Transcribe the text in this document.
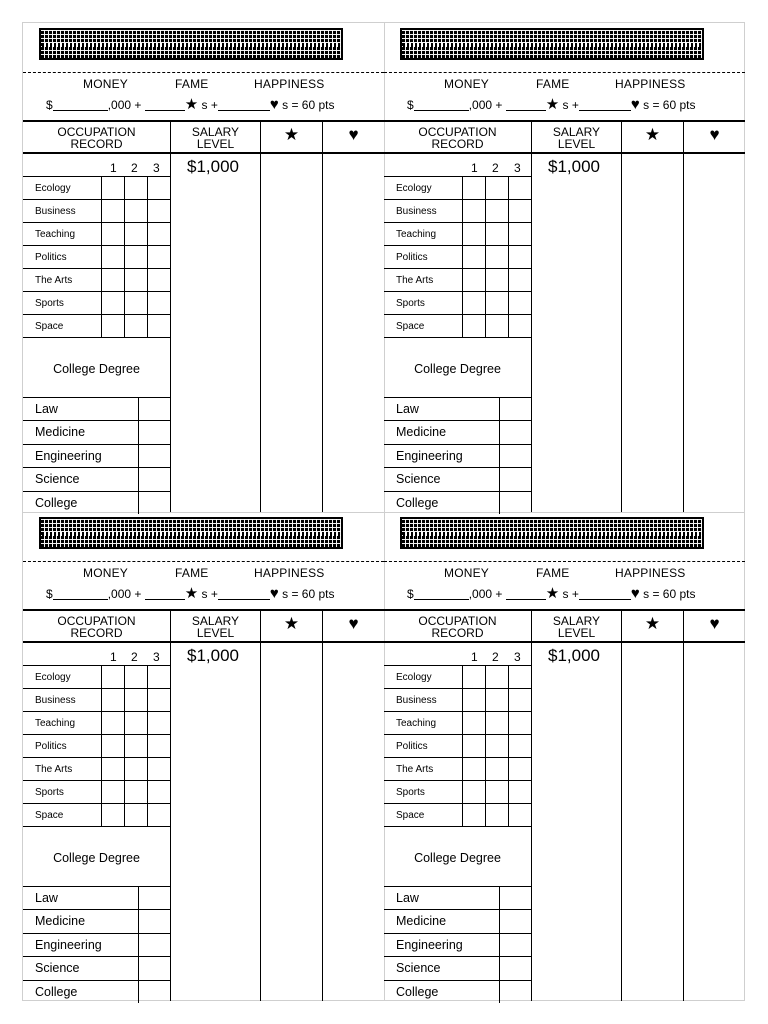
MONEY	FAME	HAPPINESS
$	,000 +	★ s +	♥ s = 60 pts
OCCUPATION
RECORD
SALARY
LEVEL	★	♥
$1,000
1 2 3
Ecology
Business
Teaching
Politics
The Arts
Sports
Space
College Degree
Law
Medicine
Engineering
Science
College
MONEY	FAME	HAPPINESS
$	,000 +	★ s +	♥ s = 60 pts
OCCUPATION
RECORD
SALARY
LEVEL	★	♥
$1,000
1 2 3
Ecology
Business
Teaching
Politics
The Arts
Sports
Space
College Degree
Law
Medicine
Engineering
Science
College
MONEY	FAME	HAPPINESS
$	,000 +	★ s +	♥ s = 60 pts
OCCUPATION
RECORD
SALARY
LEVEL	★	♥
$1,000
1 2 3
Ecology
Business
Teaching
Politics
The Arts
Sports
Space
College Degree
Law
Medicine
Engineering
Science
College
MONEY	FAME	HAPPINESS
$	,000 +	★ s +	♥ s = 60 pts
OCCUPATION
RECORD
SALARY
LEVEL	★	♥
$1,000
1 2 3
Ecology
Business
Teaching
Politics
The Arts
Sports
Space
College Degree
Law
Medicine
Engineering
Science
College
